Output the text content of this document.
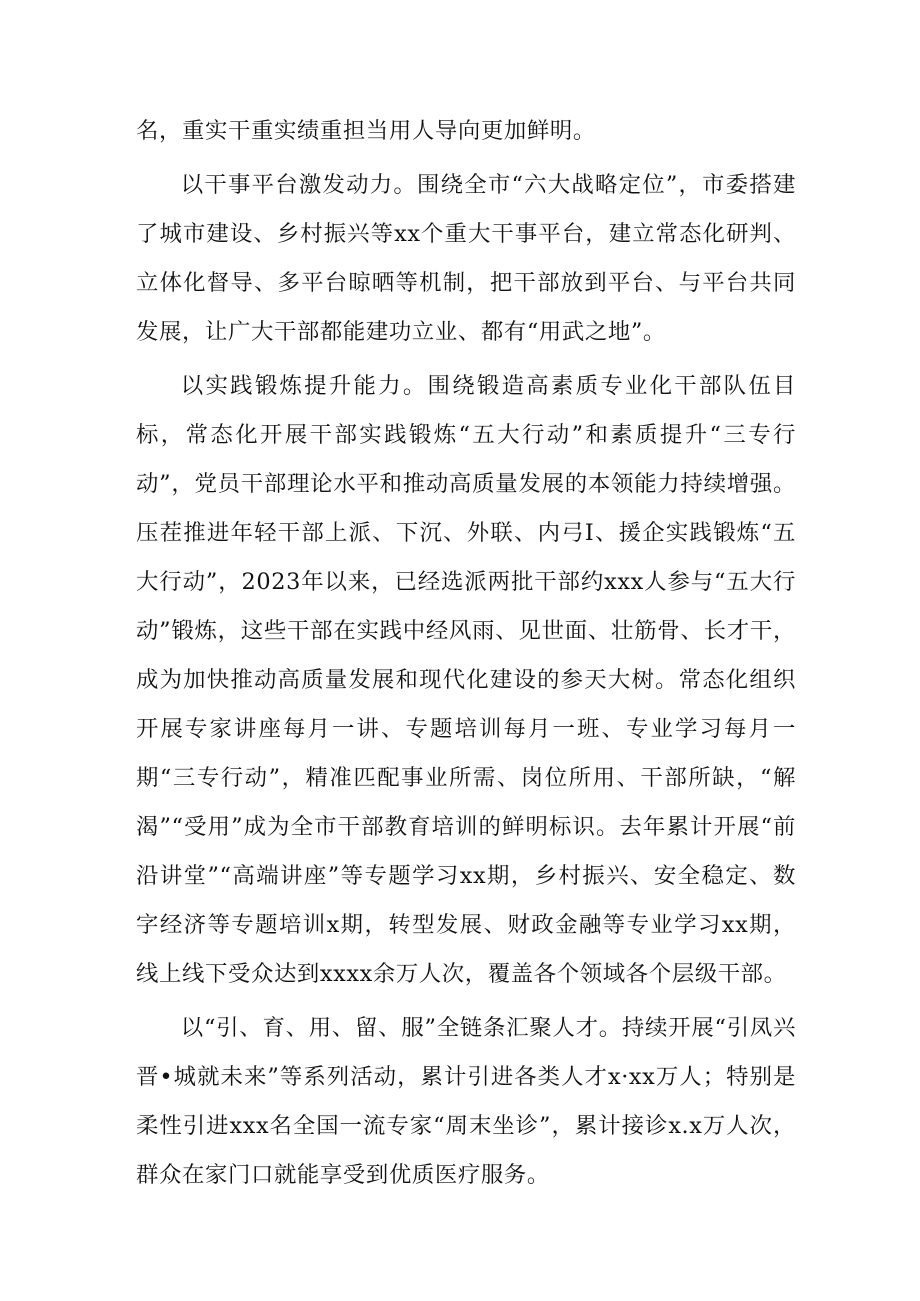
名，重实干重实绩重担当用人导向更加鲜明。

以干事平台激发动力。围绕全市“六大战略定位”，市委搭建了城市建设、乡村振兴等xx个重大干事平台，建立常态化研判、立体化督导、多平台晾晒等机制，把干部放到平台、与平台共同发展，让广大干部都能建功立业、都有“用武之地”。

以实践锻炼提升能力。围绕锻造高素质专业化干部队伍目标，常态化开展干部实践锻炼“五大行动”和素质提升“三专行动”，党员干部理论水平和推动高质量发展的本领能力持续增强。压茬推进年轻干部上派、下沉、外联、内弓I、援企实践锻炼“五大行动”，2023年以来，已经选派两批干部约xxx人参与“五大行动”锻炼，这些干部在实践中经风雨、见世面、壮筋骨、长才干，成为加快推动高质量发展和现代化建设的参天大树。常态化组织开展专家讲座每月一讲、专题培训每月一班、专业学习每月一期“三专行动”，精准匹配事业所需、岗位所用、干部所缺，“解渴”“受用”成为全市干部教育培训的鲜明标识。去年累计开展“前沿讲堂”“高端讲座”等专题学习xx期，乡村振兴、安全稳定、数字经济等专题培训x期，转型发展、财政金融等专业学习xx期，线上线下受众达到xxxx余万人次，覆盖各个领域各个层级干部。

以“引、育、用、留、服”全链条汇聚人才。持续开展“引凤兴晋•城就未来”等系列活动，累计引进各类人才x·xx万人；特别是柔性引进xxx名全国一流专家“周末坐诊”，累计接诊x.x万人次，群众在家门口就能享受到优质医疗服务。
